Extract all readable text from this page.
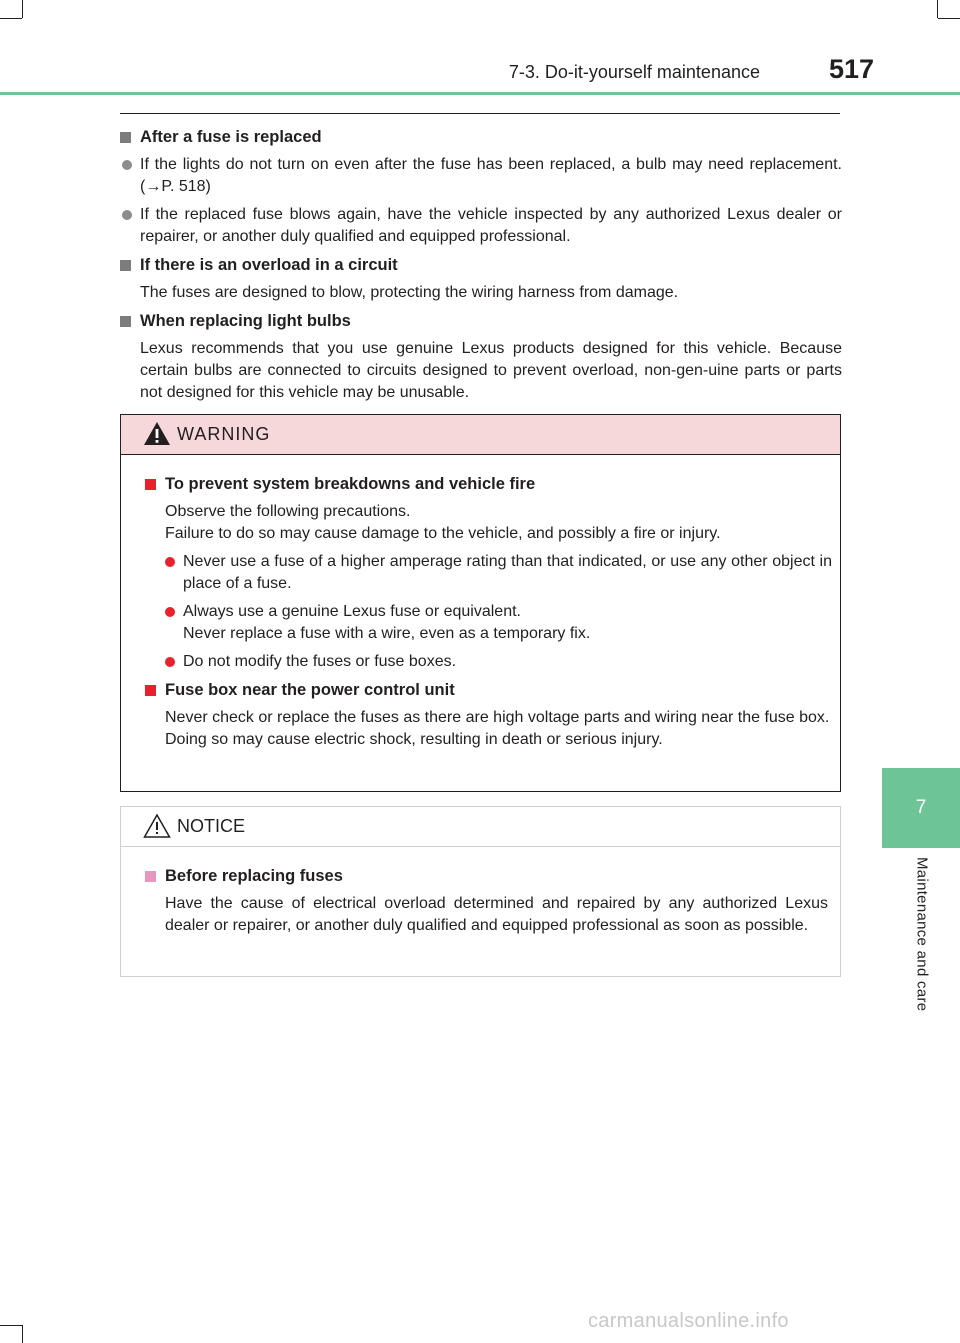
7-3. Do-it-yourself maintenance	517
7
Maintenance and care
After a fuse is replaced
If the lights do not turn on even after the fuse has been replaced, a bulb may need replacement. (→P. 518)
If the replaced fuse blows again, have the vehicle inspected by any authorized Lexus dealer or repairer, or another duly qualified and equipped professional.
If there is an overload in a circuit
The fuses are designed to blow, protecting the wiring harness from damage.
When replacing light bulbs
Lexus recommends that you use genuine Lexus products designed for this vehicle. Because certain bulbs are connected to circuits designed to prevent overload, non-gen-uine parts or parts not designed for this vehicle may be unusable.
WARNING
To prevent system breakdowns and vehicle fire
Observe the following precautions.
Failure to do so may cause damage to the vehicle, and possibly a fire or injury.
Never use a fuse of a higher amperage rating than that indicated, or use any other object in place of a fuse.
Always use a genuine Lexus fuse or equivalent.
Never replace a fuse with a wire, even as a temporary fix.
Do not modify the fuses or fuse boxes.
Fuse box near the power control unit
Never check or replace the fuses as there are high voltage parts and wiring near the fuse box.
Doing so may cause electric shock, resulting in death or serious injury.
NOTICE
Before replacing fuses
Have the cause of electrical overload determined and repaired by any authorized Lexus dealer or repairer, or another duly qualified and equipped professional as soon as possible.
carmanualsonline.info
